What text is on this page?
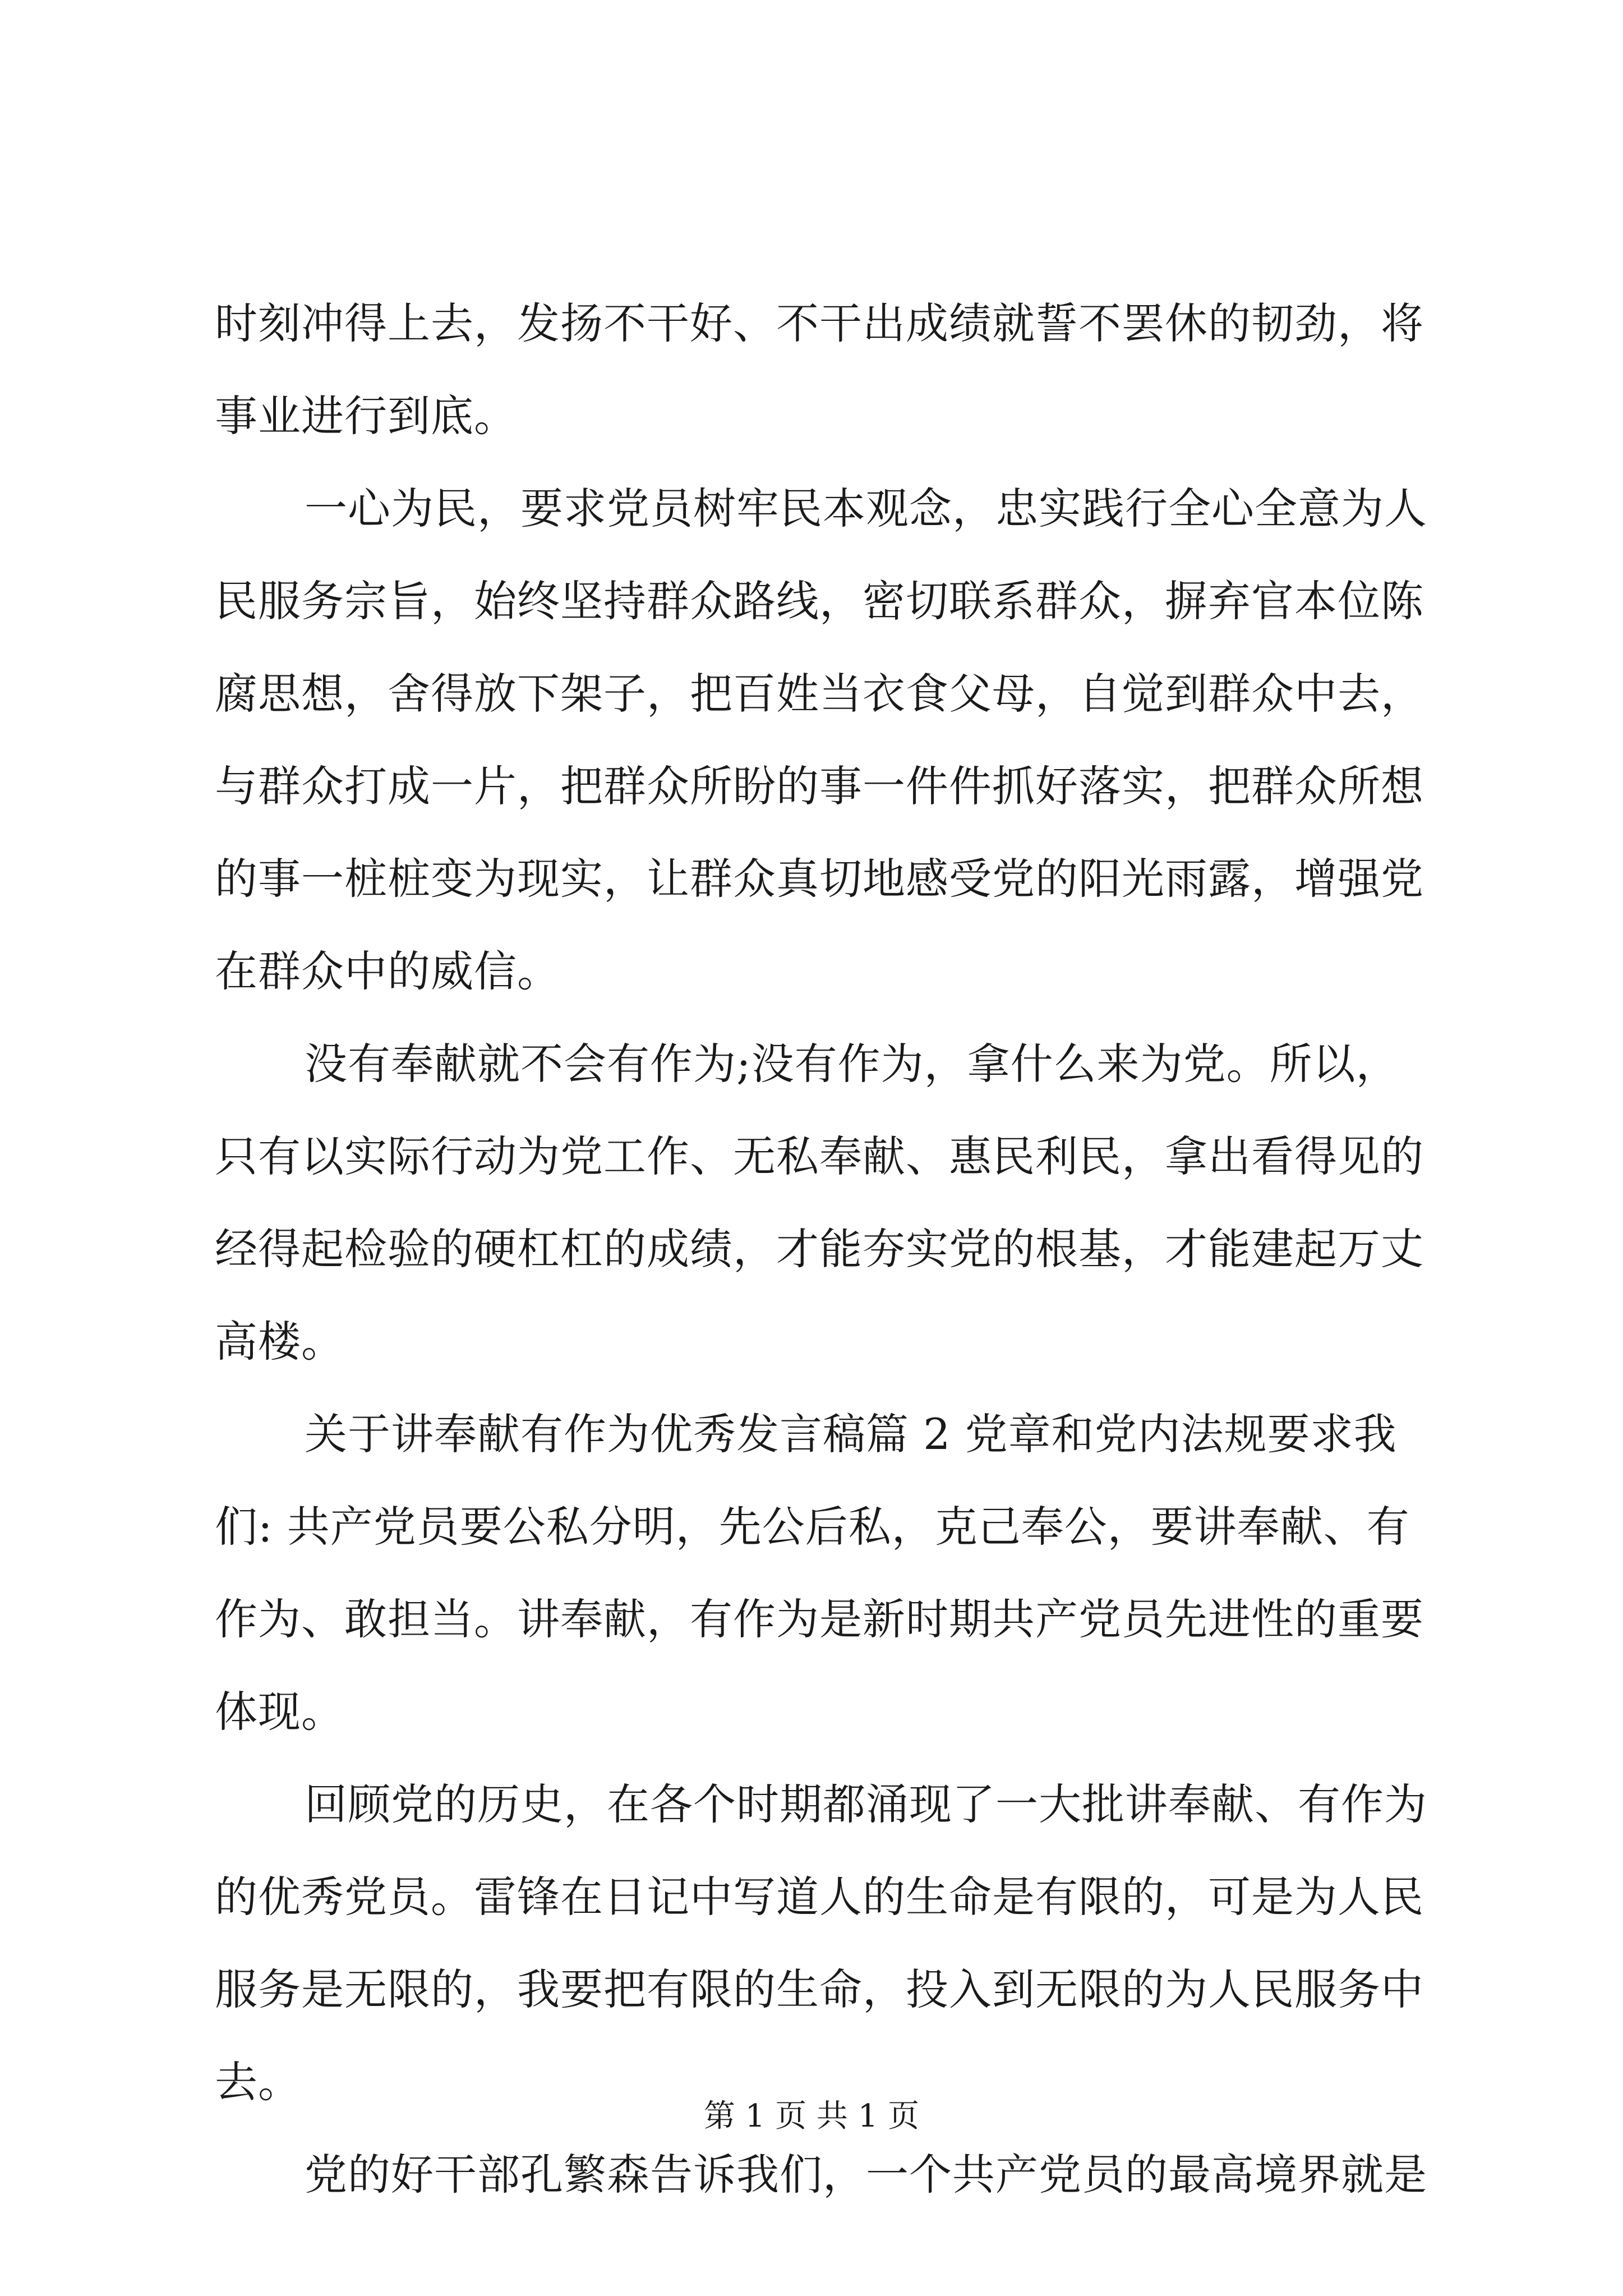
时刻冲得上去，发扬不干好、不干出成绩就誓不罢休的韧劲，将
事业进行到底。
一心为民，要求党员树牢民本观念，忠实践行全心全意为人
民服务宗旨，始终坚持群众路线，密切联系群众，摒弃官本位陈
腐思想，舍得放下架子，把百姓当衣食父母，自觉到群众中去，
与群众打成一片，把群众所盼的事一件件抓好落实，把群众所想
的事一桩桩变为现实，让群众真切地感受党的阳光雨露，增强党
在群众中的威信。
没有奉献就不会有作为;没有作为，拿什么来为党。所以，
只有以实际行动为党工作、无私奉献、惠民利民，拿出看得见的
经得起检验的硬杠杠的成绩，才能夯实党的根基，才能建起万丈
高楼。
关于讲奉献有作为优秀发言稿篇 2 党章和党内法规要求我
们: 共产党员要公私分明，先公后私，克己奉公，要讲奉献、有
作为、敢担当。讲奉献，有作为是新时期共产党员先进性的重要
体现。
回顾党的历史，在各个时期都涌现了一大批讲奉献、有作为
的优秀党员。雷锋在日记中写道人的生命是有限的，可是为人民
服务是无限的，我要把有限的生命，投入到无限的为人民服务中
去。
党的好干部孔繁森告诉我们，一个共产党员的最高境界就是
第 1 页 共 1 页
